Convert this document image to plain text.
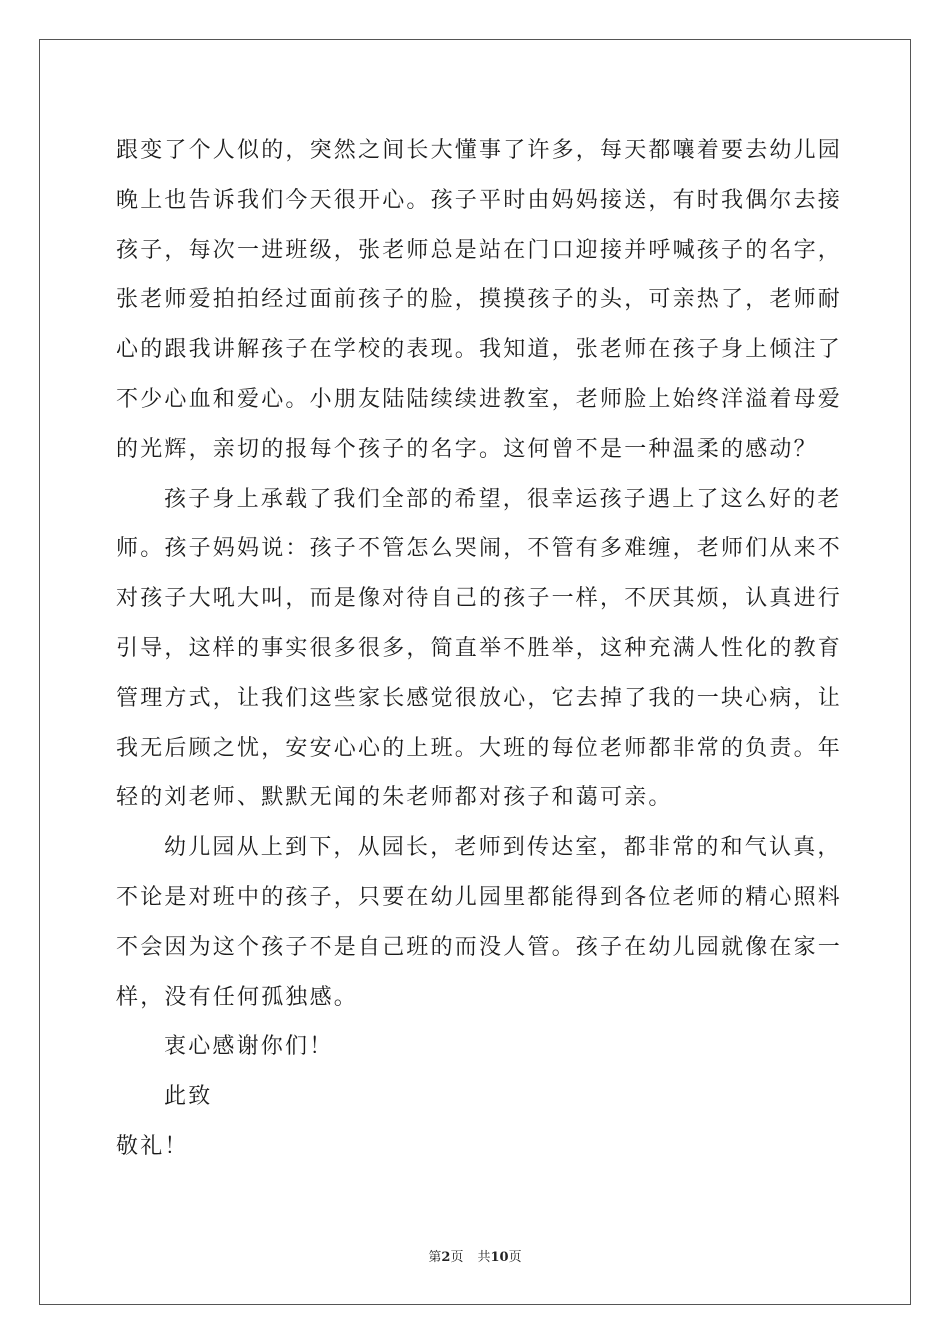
跟变了个人似的，突然之间长大懂事了许多，每天都嚷着要去幼儿园
晚上也告诉我们今天很开心。孩子平时由妈妈接送，有时我偶尔去接
孩子，每次一进班级，张老师总是站在门口迎接并呼喊孩子的名字，
张老师爱拍拍经过面前孩子的脸，摸摸孩子的头，可亲热了，老师耐
心的跟我讲解孩子在学校的表现。我知道，张老师在孩子身上倾注了
不少心血和爱心。小朋友陆陆续续进教室，老师脸上始终洋溢着母爱
的光辉，亲切的报每个孩子的名字。这何曾不是一种温柔的感动？
孩子身上承载了我们全部的希望，很幸运孩子遇上了这么好的老
师。孩子妈妈说：孩子不管怎么哭闹，不管有多难缠，老师们从来不
对孩子大吼大叫，而是像对待自己的孩子一样，不厌其烦，认真进行
引导，这样的事实很多很多，简直举不胜举，这种充满人性化的教育
管理方式，让我们这些家长感觉很放心，它去掉了我的一块心病，让
我无后顾之忧，安安心心的上班。大班的每位老师都非常的负责。年
轻的刘老师、默默无闻的朱老师都对孩子和蔼可亲。
幼儿园从上到下，从园长，老师到传达室，都非常的和气认真，
不论是对班中的孩子，只要在幼儿园里都能得到各位老师的精心照料
不会因为这个孩子不是自己班的而没人管。孩子在幼儿园就像在家一
样，没有任何孤独感。
衷心感谢你们！
此致
敬礼！
第2页 共10页
